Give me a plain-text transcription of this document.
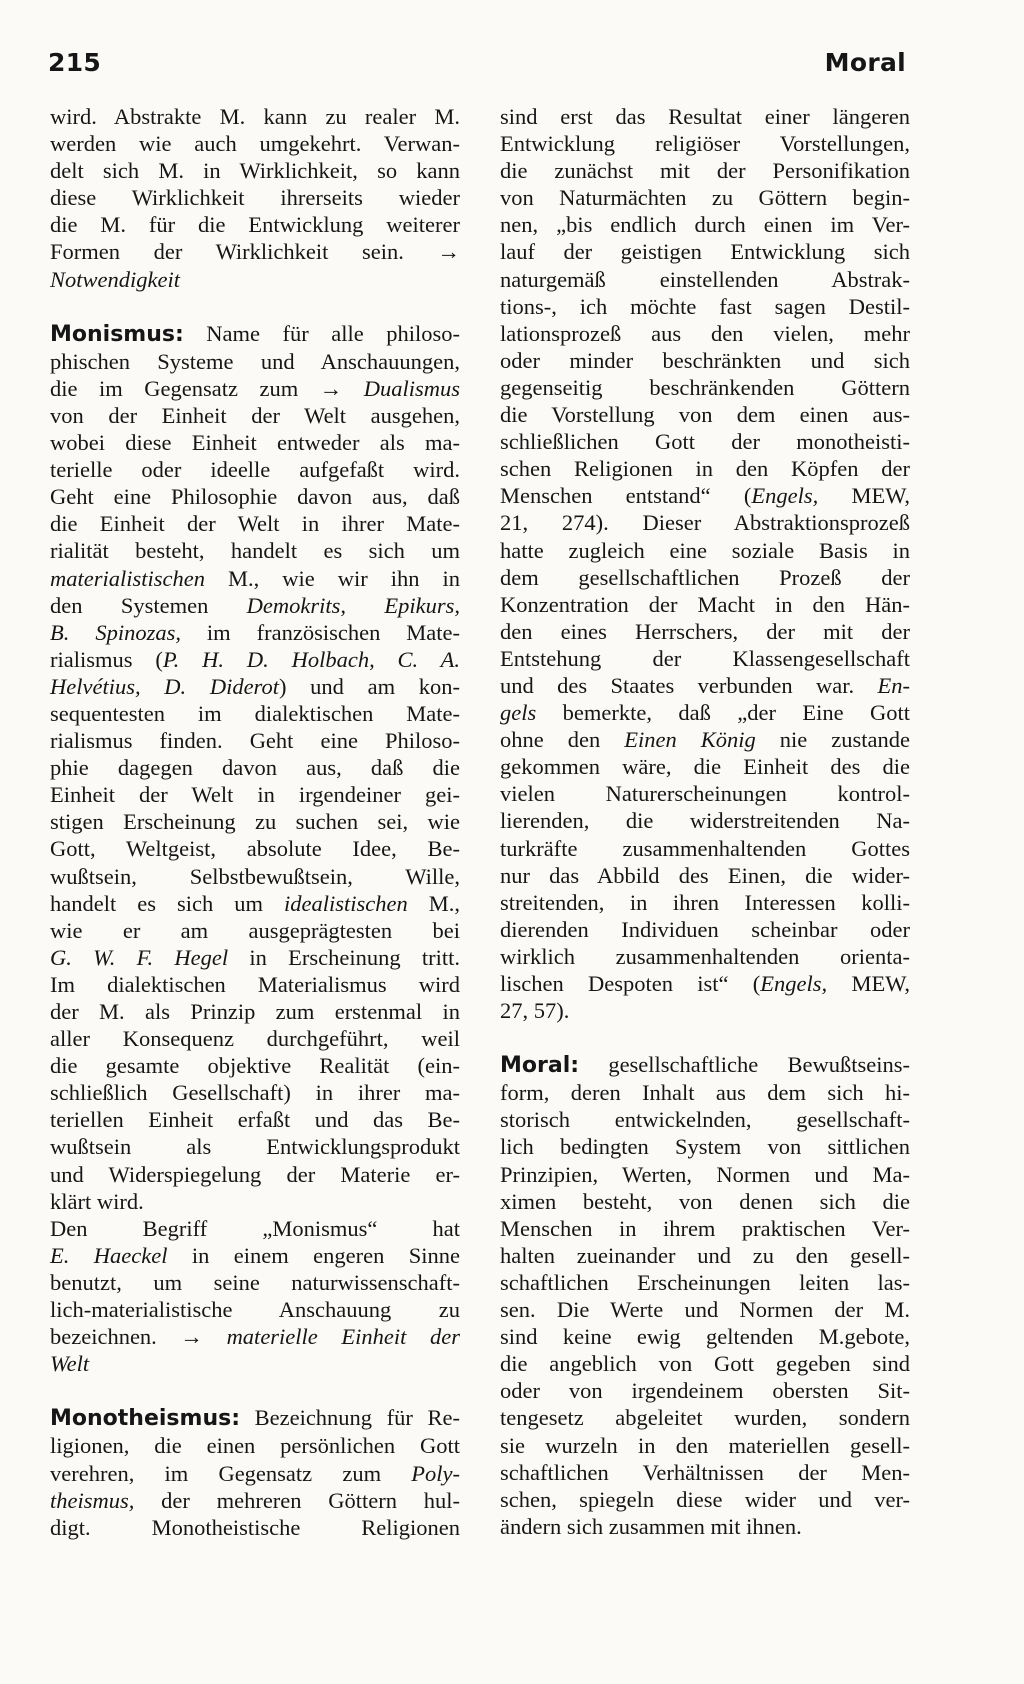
215	Moral
wird. Abstrakte M. kann zu realer M.
werden wie auch umgekehrt. Verwan-
delt sich M. in Wirklichkeit, so kann
diese Wirklichkeit ihrerseits wieder
die M. für die Entwicklung weiterer
Formen der Wirklichkeit sein. →
Notwendigkeit
Monismus: Name für alle philoso-
phischen Systeme und Anschauungen,
die im Gegensatz zum → Dualismus
von der Einheit der Welt ausgehen,
wobei diese Einheit entweder als ma-
terielle oder ideelle aufgefaßt wird.
Geht eine Philosophie davon aus, daß
die Einheit der Welt in ihrer Mate-
rialität besteht, handelt es sich um
materialistischen M., wie wir ihn in
den Systemen Demokrits, Epikurs,
B. Spinozas, im französischen Mate-
rialismus (P. H. D. Holbach, C. A.
Helvétius, D. Diderot) und am kon-
sequentesten im dialektischen Mate-
rialismus finden. Geht eine Philoso-
phie dagegen davon aus, daß die
Einheit der Welt in irgendeiner gei-
stigen Erscheinung zu suchen sei, wie
Gott, Weltgeist, absolute Idee, Be-
wußtsein, Selbstbewußtsein, Wille,
handelt es sich um idealistischen M.,
wie er am ausgeprägtesten bei
G. W. F. Hegel in Erscheinung tritt.
Im dialektischen Materialismus wird
der M. als Prinzip zum erstenmal in
aller Konsequenz durchgeführt, weil
die gesamte objektive Realität (ein-
schließlich Gesellschaft) in ihrer ma-
teriellen Einheit erfaßt und das Be-
wußtsein als Entwicklungsprodukt
und Widerspiegelung der Materie er-
klärt wird.
Den Begriff „Monismus“ hat
E. Haeckel in einem engeren Sinne
benutzt, um seine naturwissenschaft-
lich-materialistische Anschauung zu
bezeichnen. → materielle Einheit der
Welt
Monotheismus: Bezeichnung für Re-
ligionen, die einen persönlichen Gott
verehren, im Gegensatz zum Poly-
theismus, der mehreren Göttern hul-
digt. Monotheistische Religionen
sind erst das Resultat einer längeren
Entwicklung religiöser Vorstellungen,
die zunächst mit der Personifikation
von Naturmächten zu Göttern begin-
nen, „bis endlich durch einen im Ver-
lauf der geistigen Entwicklung sich
naturgemäß einstellenden Abstrak-
tions-, ich möchte fast sagen Destil-
lationsprozeß aus den vielen, mehr
oder minder beschränkten und sich
gegenseitig beschränkenden Göttern
die Vorstellung von dem einen aus-
schließlichen Gott der monotheisti-
schen Religionen in den Köpfen der
Menschen entstand“ (Engels, MEW,
21, 274). Dieser Abstraktionsprozeß
hatte zugleich eine soziale Basis in
dem gesellschaftlichen Prozeß der
Konzentration der Macht in den Hän-
den eines Herrschers, der mit der
Entstehung der Klassengesellschaft
und des Staates verbunden war. En-
gels bemerkte, daß „der Eine Gott
ohne den Einen König nie zustande
gekommen wäre, die Einheit des die
vielen Naturerscheinungen kontrol-
lierenden, die widerstreitenden Na-
turkräfte zusammenhaltenden Gottes
nur das Abbild des Einen, die wider-
streitenden, in ihren Interessen kolli-
dierenden Individuen scheinbar oder
wirklich zusammenhaltenden orienta-
lischen Despoten ist“ (Engels, MEW,
27, 57).
Moral: gesellschaftliche Bewußtseins-
form, deren Inhalt aus dem sich hi-
storisch entwickelnden, gesellschaft-
lich bedingten System von sittlichen
Prinzipien, Werten, Normen und Ma-
ximen besteht, von denen sich die
Menschen in ihrem praktischen Ver-
halten zueinander und zu den gesell-
schaftlichen Erscheinungen leiten las-
sen. Die Werte und Normen der M.
sind keine ewig geltenden M.gebote,
die angeblich von Gott gegeben sind
oder von irgendeinem obersten Sit-
tengesetz abgeleitet wurden, sondern
sie wurzeln in den materiellen gesell-
schaftlichen Verhältnissen der Men-
schen, spiegeln diese wider und ver-
ändern sich zusammen mit ihnen.
